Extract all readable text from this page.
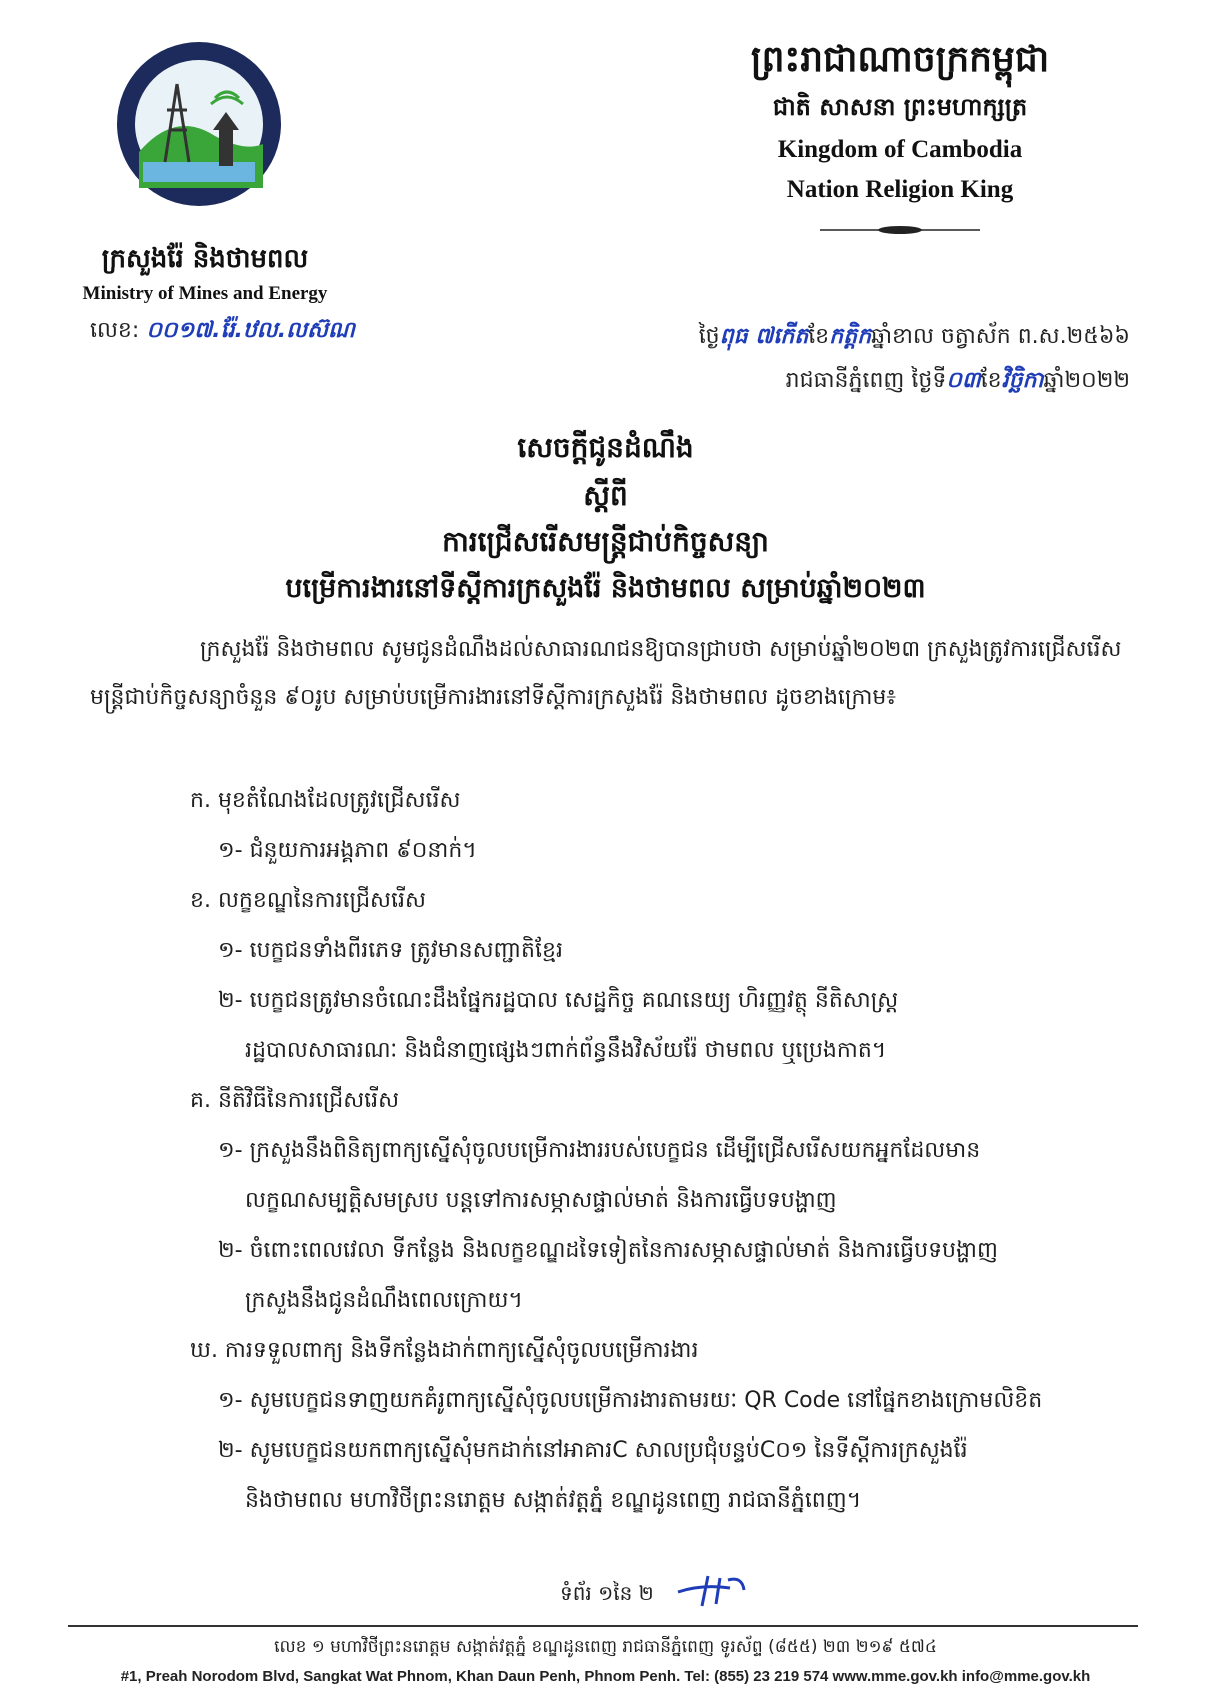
ក្រសួងរ៉ែ និងថាមពល
Ministry of Mines and Energy
លេខ: ០០១៧.រ៉ែ.ឋល.លស៊ណ
ព្រះរាជាណាចក្រកម្ពុជា
ជាតិ សាសនា ព្រះមហាក្សត្រ
Kingdom of Cambodia
Nation Religion King
ថ្ងៃពុធ ៧កើតខែកត្តិកឆ្នាំខាល ចត្វាស័ក ព.ស.២៥៦៦
រាជធានីភ្នំពេញ ថ្ងៃទី០៣ខែវិច្ឆិកាឆ្នាំ២០២២
សេចក្តីជូនដំណឹង
ស្តីពី
ការជ្រើសរើសមន្ត្រីជាប់កិច្ចសន្យា
បម្រើការងារនៅទីស្តីការក្រសួងរ៉ែ និងថាមពល សម្រាប់ឆ្នាំ២០២៣

ក្រសួងរ៉ែ និងថាមពល សូមជូនដំណឹងដល់សាធារណជនឱ្យបានជ្រាបថា សម្រាប់ឆ្នាំ២០២៣ ក្រសួងត្រូវការជ្រើសរើសមន្ត្រីជាប់កិច្ចសន្យាចំនួន ៩០រូប សម្រាប់បម្រើការងារនៅទីស្តីការក្រសួងរ៉ែ និងថាមពល ដូចខាងក្រោម៖

ក. មុខតំណែងដែលត្រូវជ្រើសរើស
១- ជំនួយការអង្គភាព ៩០នាក់។
ខ. លក្ខខណ្ឌនៃការជ្រើសរើស
១- បេក្ខជនទាំងពីរភេទ ត្រូវមានសញ្ជាតិខ្មែរ
២- បេក្ខជនត្រូវមានចំណេះដឹងផ្នែករដ្ឋបាល សេដ្ឋកិច្ច គណនេយ្យ ហិរញ្ញវត្ថុ នីតិសាស្ត្រ
រដ្ឋបាលសាធារណៈ និងជំនាញផ្សេងៗពាក់ព័ន្ធនឹងវិស័យរ៉ែ ថាមពល ឬប្រេងកាត។
គ. នីតិវិធីនៃការជ្រើសរើស
១- ក្រសួងនឹងពិនិត្យពាក្យស្នើសុំចូលបម្រើការងាររបស់បេក្ខជន ដើម្បីជ្រើសរើសយកអ្នកដែលមាន
លក្ខណសម្បត្តិសមស្រប បន្តទៅការសម្ភាសផ្ទាល់មាត់ និងការធ្វើបទបង្ហាញ
២- ចំពោះពេលវេលា ទីកន្លែង និងលក្ខខណ្ឌដទៃទៀតនៃការសម្ភាសផ្ទាល់មាត់ និងការធ្វើបទបង្ហាញ
ក្រសួងនឹងជូនដំណឹងពេលក្រោយ។
ឃ. ការទទួលពាក្យ និងទីកន្លែងដាក់ពាក្យស្នើសុំចូលបម្រើការងារ
១- សូមបេក្ខជនទាញយកគំរូពាក្យស្នើសុំចូលបម្រើការងារតាមរយៈ QR Code នៅផ្នែកខាងក្រោមលិខិត
២- សូមបេក្ខជនយកពាក្យស្នើសុំមកដាក់នៅអាគារC សាលប្រជុំបន្ទប់C០១ នៃទីស្តីការក្រសួងរ៉ែ
និងថាមពល មហាវិថីព្រះនរោត្តម សង្កាត់វត្តភ្នំ ខណ្ឌដូនពេញ រាជធានីភ្នំពេញ។
ទំព័រ ១នៃ ២
លេខ ១ មហាវិថីព្រះនរោត្តម សង្កាត់វត្តភ្នំ ខណ្ឌដូនពេញ រាជធានីភ្នំពេញ ទូរស័ព្ទ (៨៥៥) ២៣ ២១៩ ៥៧៤
#1, Preah Norodom Blvd, Sangkat Wat Phnom, Khan Daun Penh, Phnom Penh. Tel: (855) 23 219 574 www.mme.gov.kh info@mme.gov.kh
